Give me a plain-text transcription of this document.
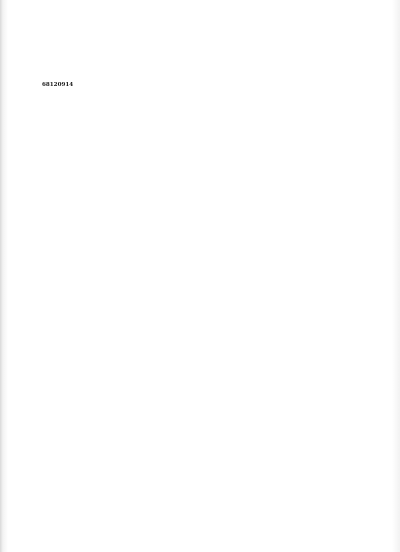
68120914
